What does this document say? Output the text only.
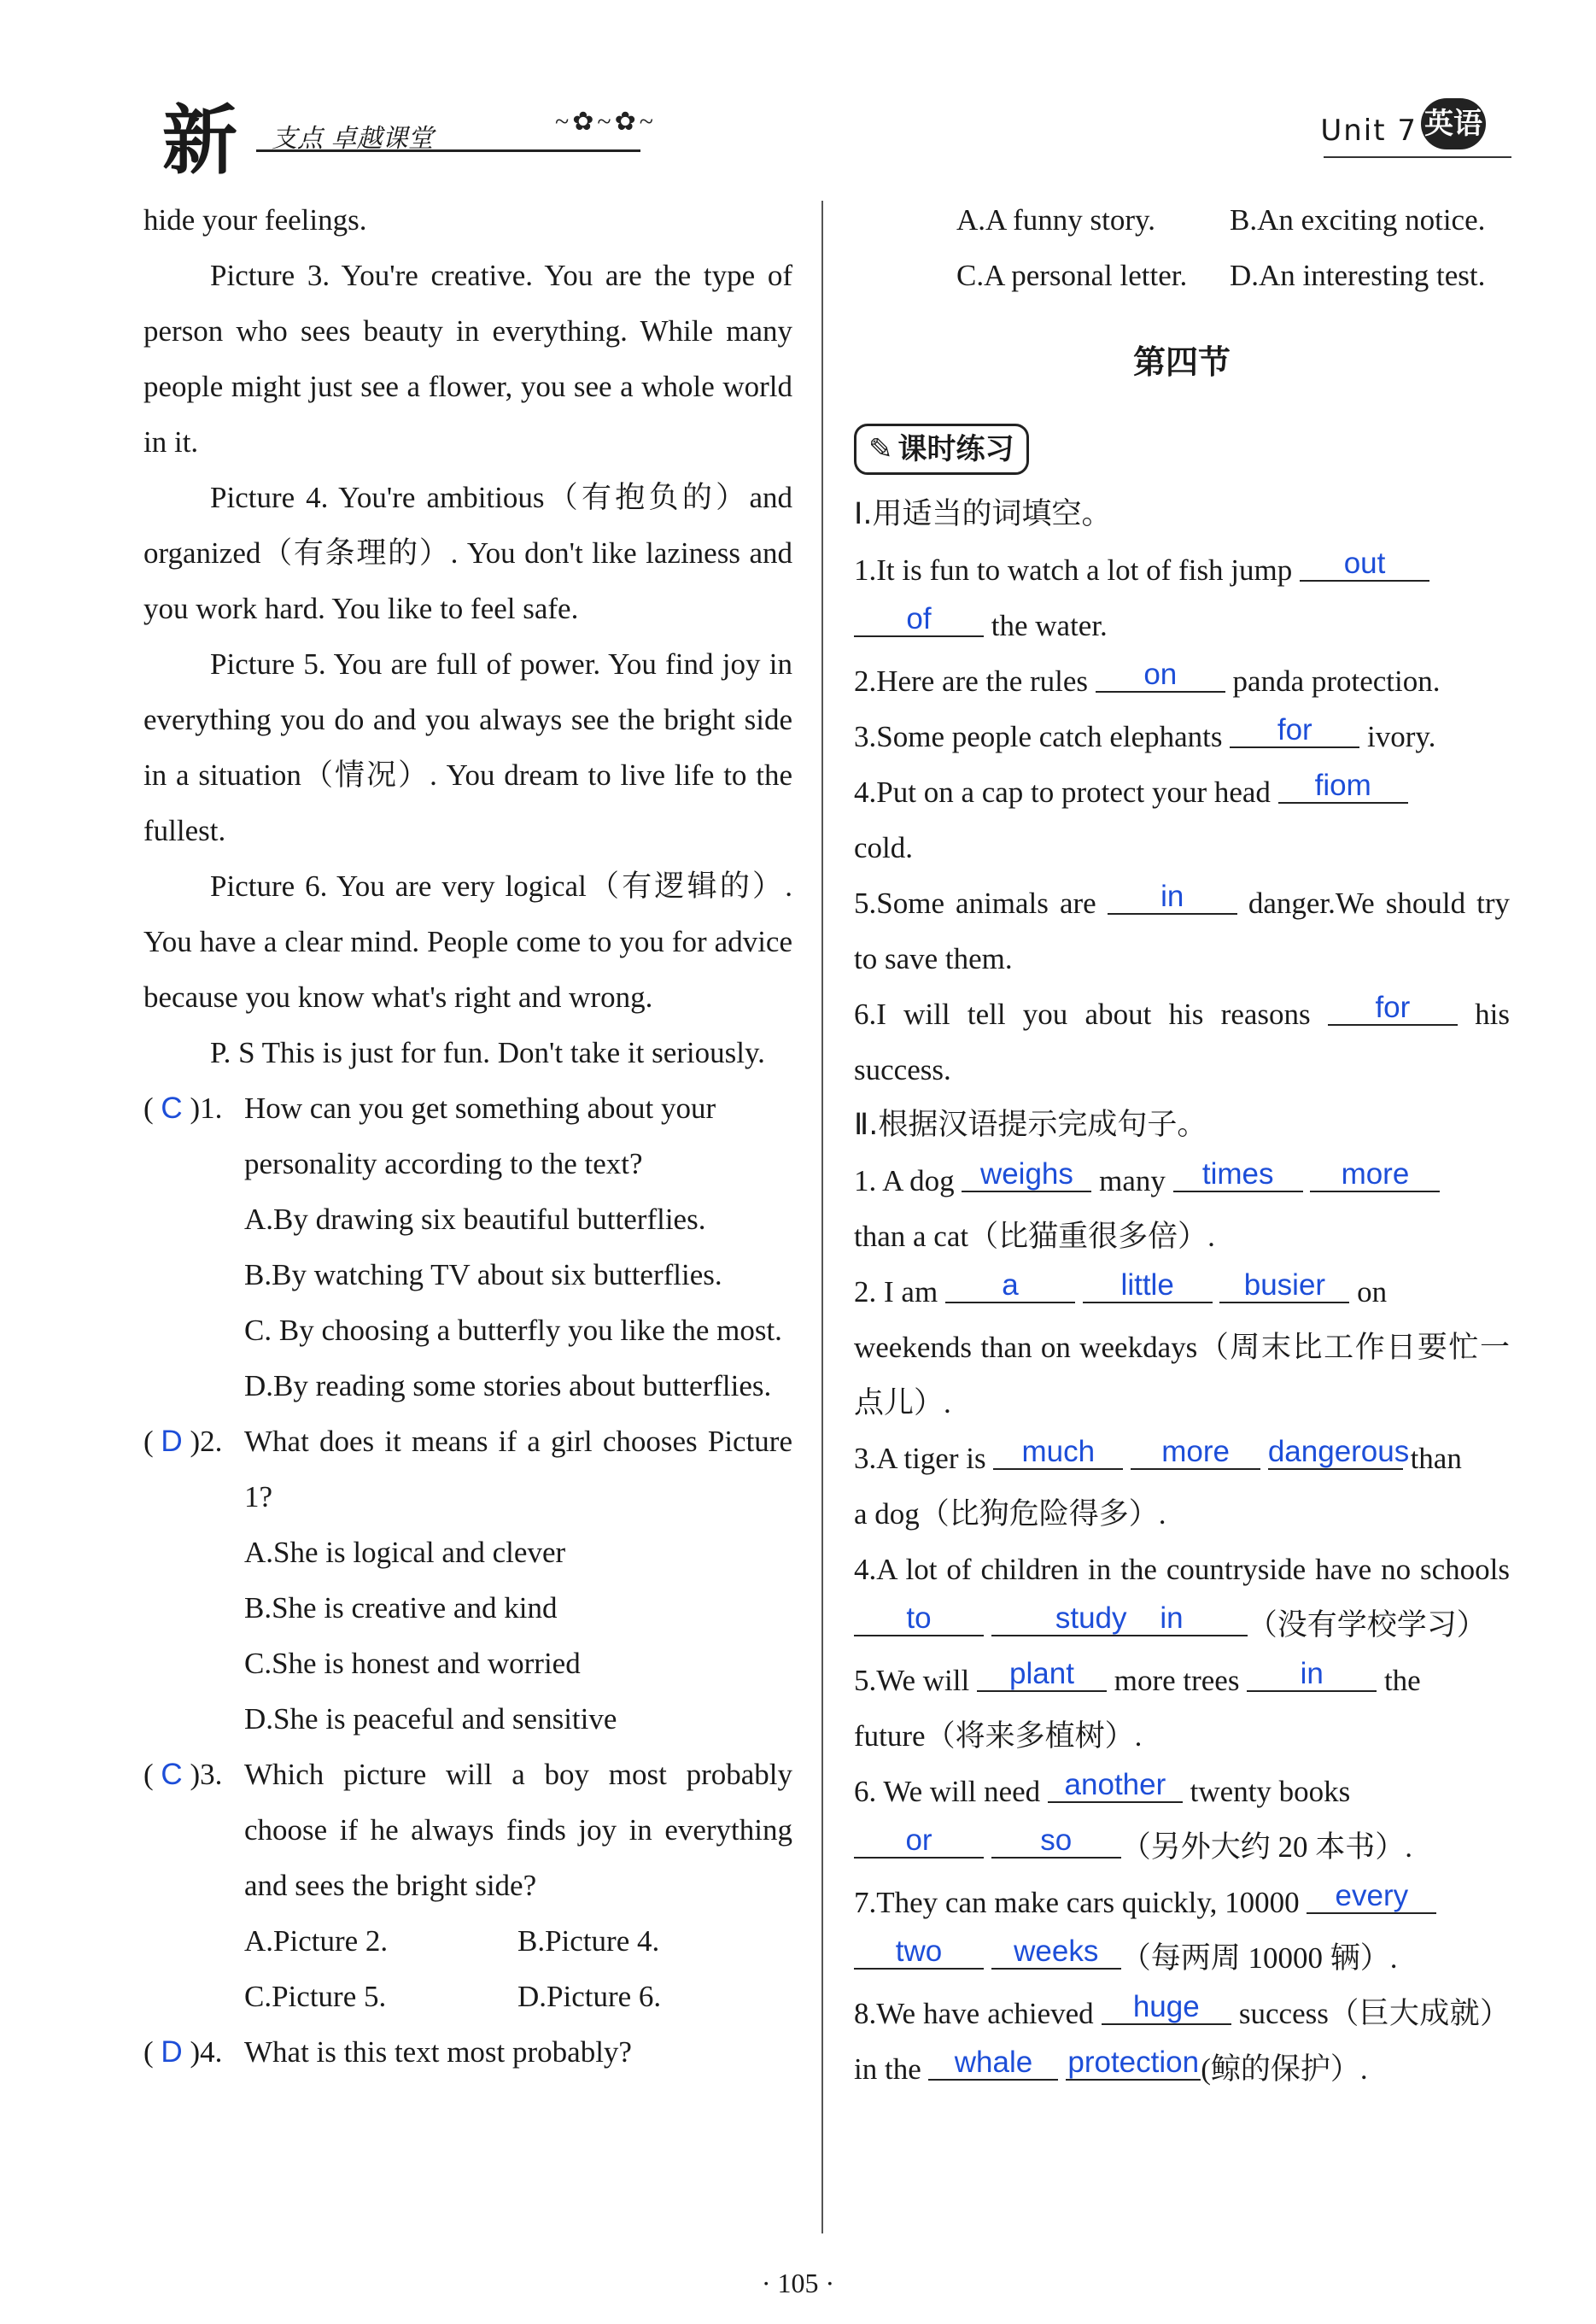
新 支点 卓越课堂
~✿~✿~	Unit 7 英语

hide your feelings.

Picture 3. You're creative. You are the type of person who sees beauty in everything. While many people might just see a flower, you see a whole world in it.

Picture 4. You're ambitious（有抱负的）and organized（有条理的）. You don't like laziness and you work hard. You like to feel safe.

Picture 5. You are full of power. You find joy in everything you do and you always see the bright side in a situation（情况）. You dream to live life to the fullest.

Picture 6. You are very logical（有逻辑的）. You have a clear mind. People come to you for advice because you know what's right and wrong.

P. S This is just for fun. Don't take it seriously.

( C )1. How can you get something about your personality according to the text?

A.By drawing six beautiful butterflies.

B.By watching TV about six butterflies.

C. By choosing a butterfly you like the most.

D.By reading some stories about butterflies.

( D )2. What does it means if a girl chooses Picture 1?

A.She is logical and clever

B.She is creative and kind

C.She is honest and worried

D.She is peaceful and sensitive

( C )3. Which picture will a boy most probably choose if he always finds joy in everything and sees the bright side?

A.Picture 2.	B.Picture 4.

C.Picture 5.	D.Picture 6.

( D )4. What is this text most probably?

A.A funny story.	B.An exciting notice.

C.A personal letter.	D.An interesting test.

第四节
✎ 课时练习

Ⅰ.用适当的词填空。

1.It is fun to watch a lot of fish jump out
of the water.

2.Here are the rules on panda protection.

3.Some people catch elephants for ivory.

4.Put on a cap to protect your head fiom
cold.

5.Some animals are in danger.We should try to save them.

6.I will tell you about his reasons for his success.

Ⅱ.根据汉语提示完成句子。

1. A dog weighs many times more
than a cat（比猫重很多倍）.

2. I am a	little busier on
weekends than on weekdays（周末比工作日要忙一点儿）.

3.A tiger is much more dangerous than
a dog（比狗危险得多）.

4.A lot of children in the countryside have no schools to	study in （没有学校学习）

5.We will plant more trees in the
future（将来多植树）.

6. We will need another twenty books
or	so （另外大约 20 本书）.

7.They can make cars quickly, 10000 every
two weeks （每两周 10000 辆）.

8.We have achieved huge success（巨大成就）in the whale protection(鲸的保护）.

· 105 ·
